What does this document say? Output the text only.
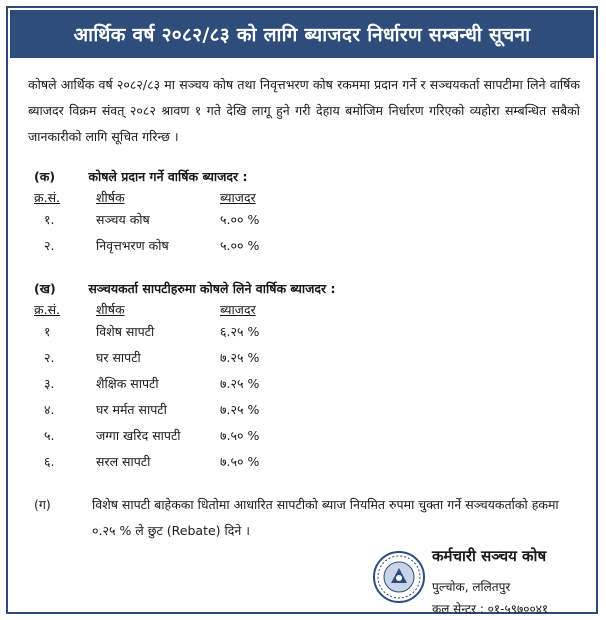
आर्थिक वर्ष २०८२/८३ को लागि ब्याजदर निर्धारण सम्बन्धी सूचना
कोषले आर्थिक वर्ष २०८२/८३ मा सञ्चय कोष तथा निवृत्तभरण कोष रकममा प्रदान गर्ने र सञ्चयकर्ता सापटीमा लिने वार्षिक ब्याजदर विक्रम संवत् २०८२ श्रावण १ गते देखि लागू हुने गरी देहाय बमोजिम निर्धारण गरिएको व्यहोरा सम्बन्धित सबैको जानकारीको लागि सूचित गरिन्छ ।
(क)	कोषले प्रदान गर्ने वार्षिक ब्याजदर :
क्र.सं.	शीर्षक	ब्याजदर
१.	सञ्चय कोष	५.०० %
२.	निवृत्तभरण कोष	५.०० %
(ख)	सञ्चयकर्ता सापटीहरुमा कोषले लिने वार्षिक ब्याजदर :
क्र.सं.	शीर्षक	ब्याजदर
१	विशेष सापटी	६.२५ %
२.	घर सापटी	७.२५ %
३.	शैक्षिक सापटी	७.२५ %
४.	घर मर्मत सापटी	७.२५ %
५.	जग्गा खरिद सापटी	७.५० %
६.	सरल सापटी	७.५० %
(ग)	विशेष सापटी बाहेकका धितोमा आधारित सापटीको ब्याज नियमित रुपमा चुक्ता गर्ने सञ्चयकर्ताको हकमा ०.२५ % ले छुट (Rebate) दिने ।
कर्मचारी सञ्चय कोष
पुल्चोक, ललितपुर
कल सेन्टर : ०१-५९७००४१
